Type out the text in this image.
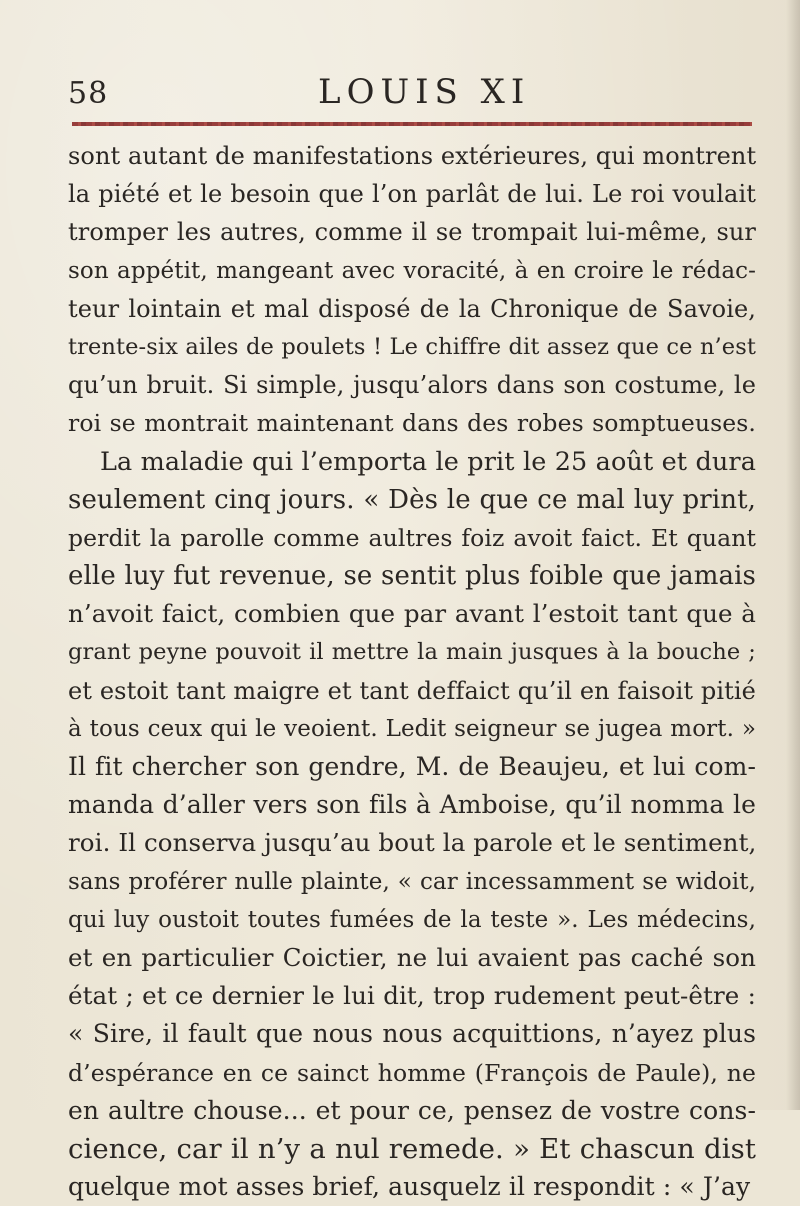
58	LOUIS XI
sont autant de manifestations extérieures, qui montrent
la piété et le besoin que l’on parlât de lui. Le roi voulait
tromper les autres, comme il se trompait lui-même, sur
son appétit, mangeant avec voracité, à en croire le rédac-
teur lointain et mal disposé de la Chronique de Savoie,
trente-six ailes de poulets ! Le chiffre dit assez que ce n’est
qu’un bruit. Si simple, jusqu’alors dans son costume, le
roi se montrait maintenant dans des robes somptueuses.
La maladie qui l’emporta le prit le 25 août et dura
seulement cinq jours. « Dès le que ce mal luy print,
perdit la parolle comme aultres foiz avoit faict. Et quant
elle luy fut revenue, se sentit plus foible que jamais
n’avoit faict, combien que par avant l’estoit tant que à
grant peyne pouvoit il mettre la main jusques à la bouche ;
et estoit tant maigre et tant deffaict qu’il en faisoit pitié
à tous ceux qui le veoient. Ledit seigneur se jugea mort. »
Il fit chercher son gendre, M. de Beaujeu, et lui com-
manda d’aller vers son fils à Amboise, qu’il nomma le
roi. Il conserva jusqu’au bout la parole et le sentiment,
sans proférer nulle plainte, « car incessamment se widoit,
qui luy oustoit toutes fumées de la teste ». Les médecins,
et en particulier Coictier, ne lui avaient pas caché son
état ; et ce dernier le lui dit, trop rudement peut-être :
« Sire, il fault que nous nous acquittions, n’ayez plus
d’espérance en ce sainct homme (François de Paule), ne
en aultre chouse... et pour ce, pensez de vostre cons-
cience, car il n’y a nul remede. » Et chascun dist
quelque mot asses brief, ausquelz il respondit : « J’ay
